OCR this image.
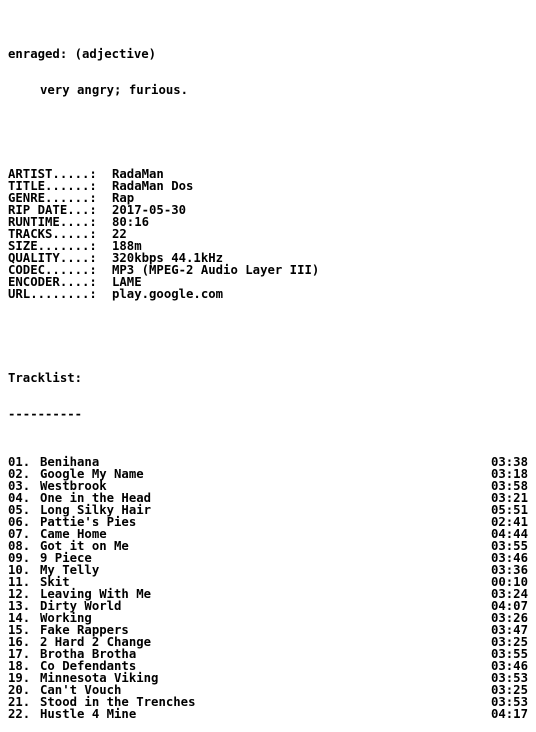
enraged: (adjective)

very angry; furious.

ARTIST.....:	RadaMan
TITLE......:	RadaMan Dos
GENRE......:	Rap
RIP DATE...:	2017-05-30
RUNTIME....:	80:16
TRACKS.....:	22
SIZE.......:	188m
QUALITY....:	320kbps 44.1kHz
CODEC......:	MP3 (MPEG-2 Audio Layer III)
ENCODER....:	LAME
URL........:	play.google.com

Tracklist:

----------

01. Benihana	03:38
02. Google My Name	03:18
03. Westbrook	03:58
04. One in the Head	03:21
05. Long Silky Hair	05:51
06. Pattie's Pies	02:41
07. Came Home	04:44
08. Got it on Me	03:55
09. 9 Piece	03:46
10. My Telly	03:36
11. Skit	00:10
12. Leaving With Me	03:24
13. Dirty World	04:07
14. Working	03:26
15. Fake Rappers	03:47
16. 2 Hard 2 Change	03:25
17. Brotha Brotha	03:55
18. Co Defendants	03:46
19. Minnesota Viking	03:53
20. Can't Vouch	03:25
21. Stood in the Trenches	03:53
22. Hustle 4 Mine	04:17
